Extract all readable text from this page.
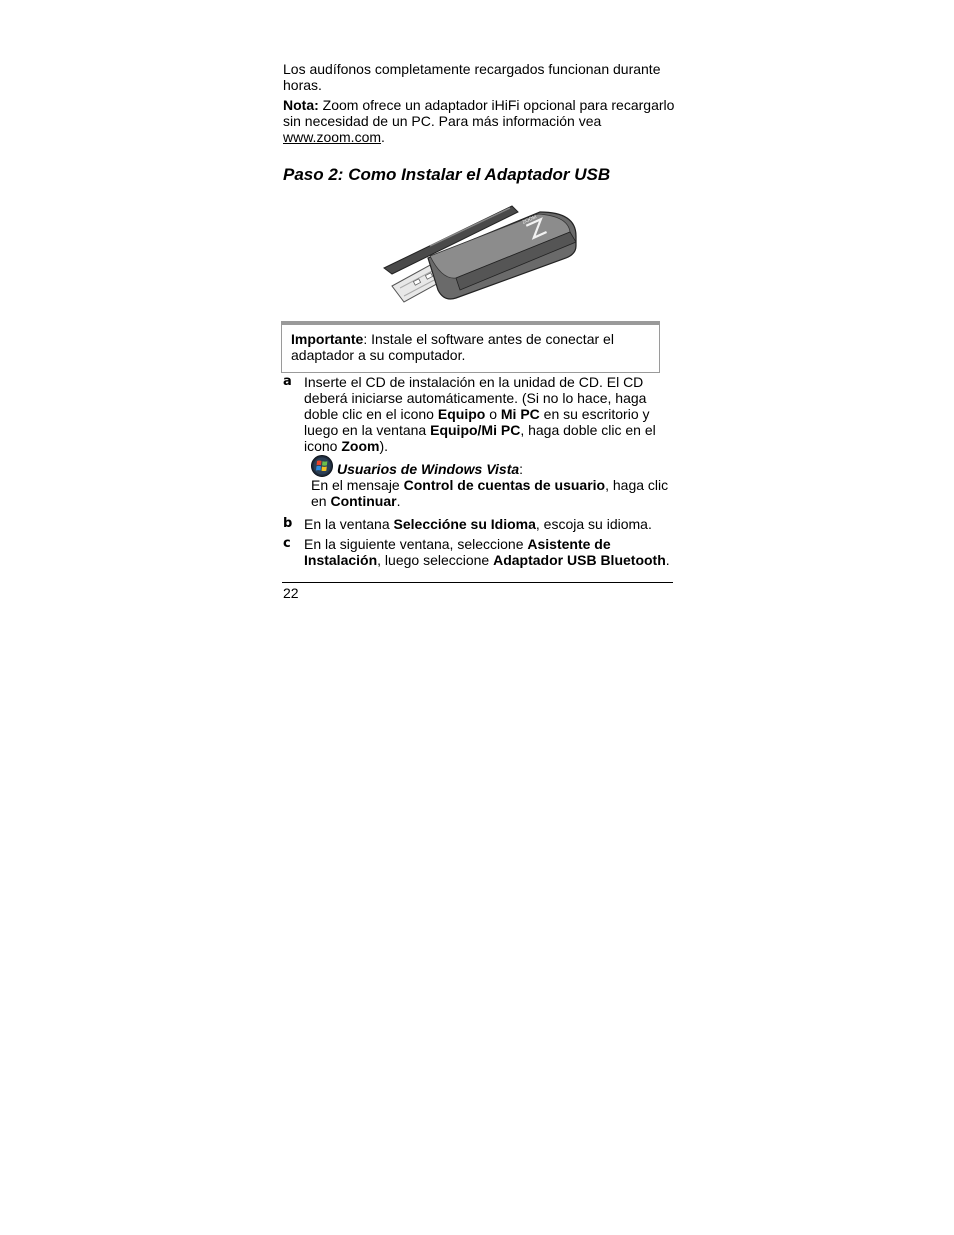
Los audífonos completamente recargados funcionan durante horas.

Nota: Zoom ofrece un adaptador iHiFi opcional para recargarlo sin necesidad de un PC. Para más información vea www.zoom.com.

Paso 2: Como Instalar el Adaptador USB

ZOOM
Importante: Instale el software antes de conectar el adaptador a su computador.
a Inserte el CD de instalación en la unidad de CD. El CD deberá iniciarse automáticamente. (Si no lo hace, haga doble clic en el icono Equipo o Mi PC en su escritorio y luego en la ventana Equipo/Mi PC, haga doble clic en el icono Zoom).

Usuarios de Windows Vista:

En el mensaje Control de cuentas de usuario, haga clic en Continuar.

b En la ventana Seleccióne su Idioma, escoja su idioma.

c En la siguiente ventana, seleccione Asistente de Instalación, luego seleccione Adaptador USB Bluetooth.

22
